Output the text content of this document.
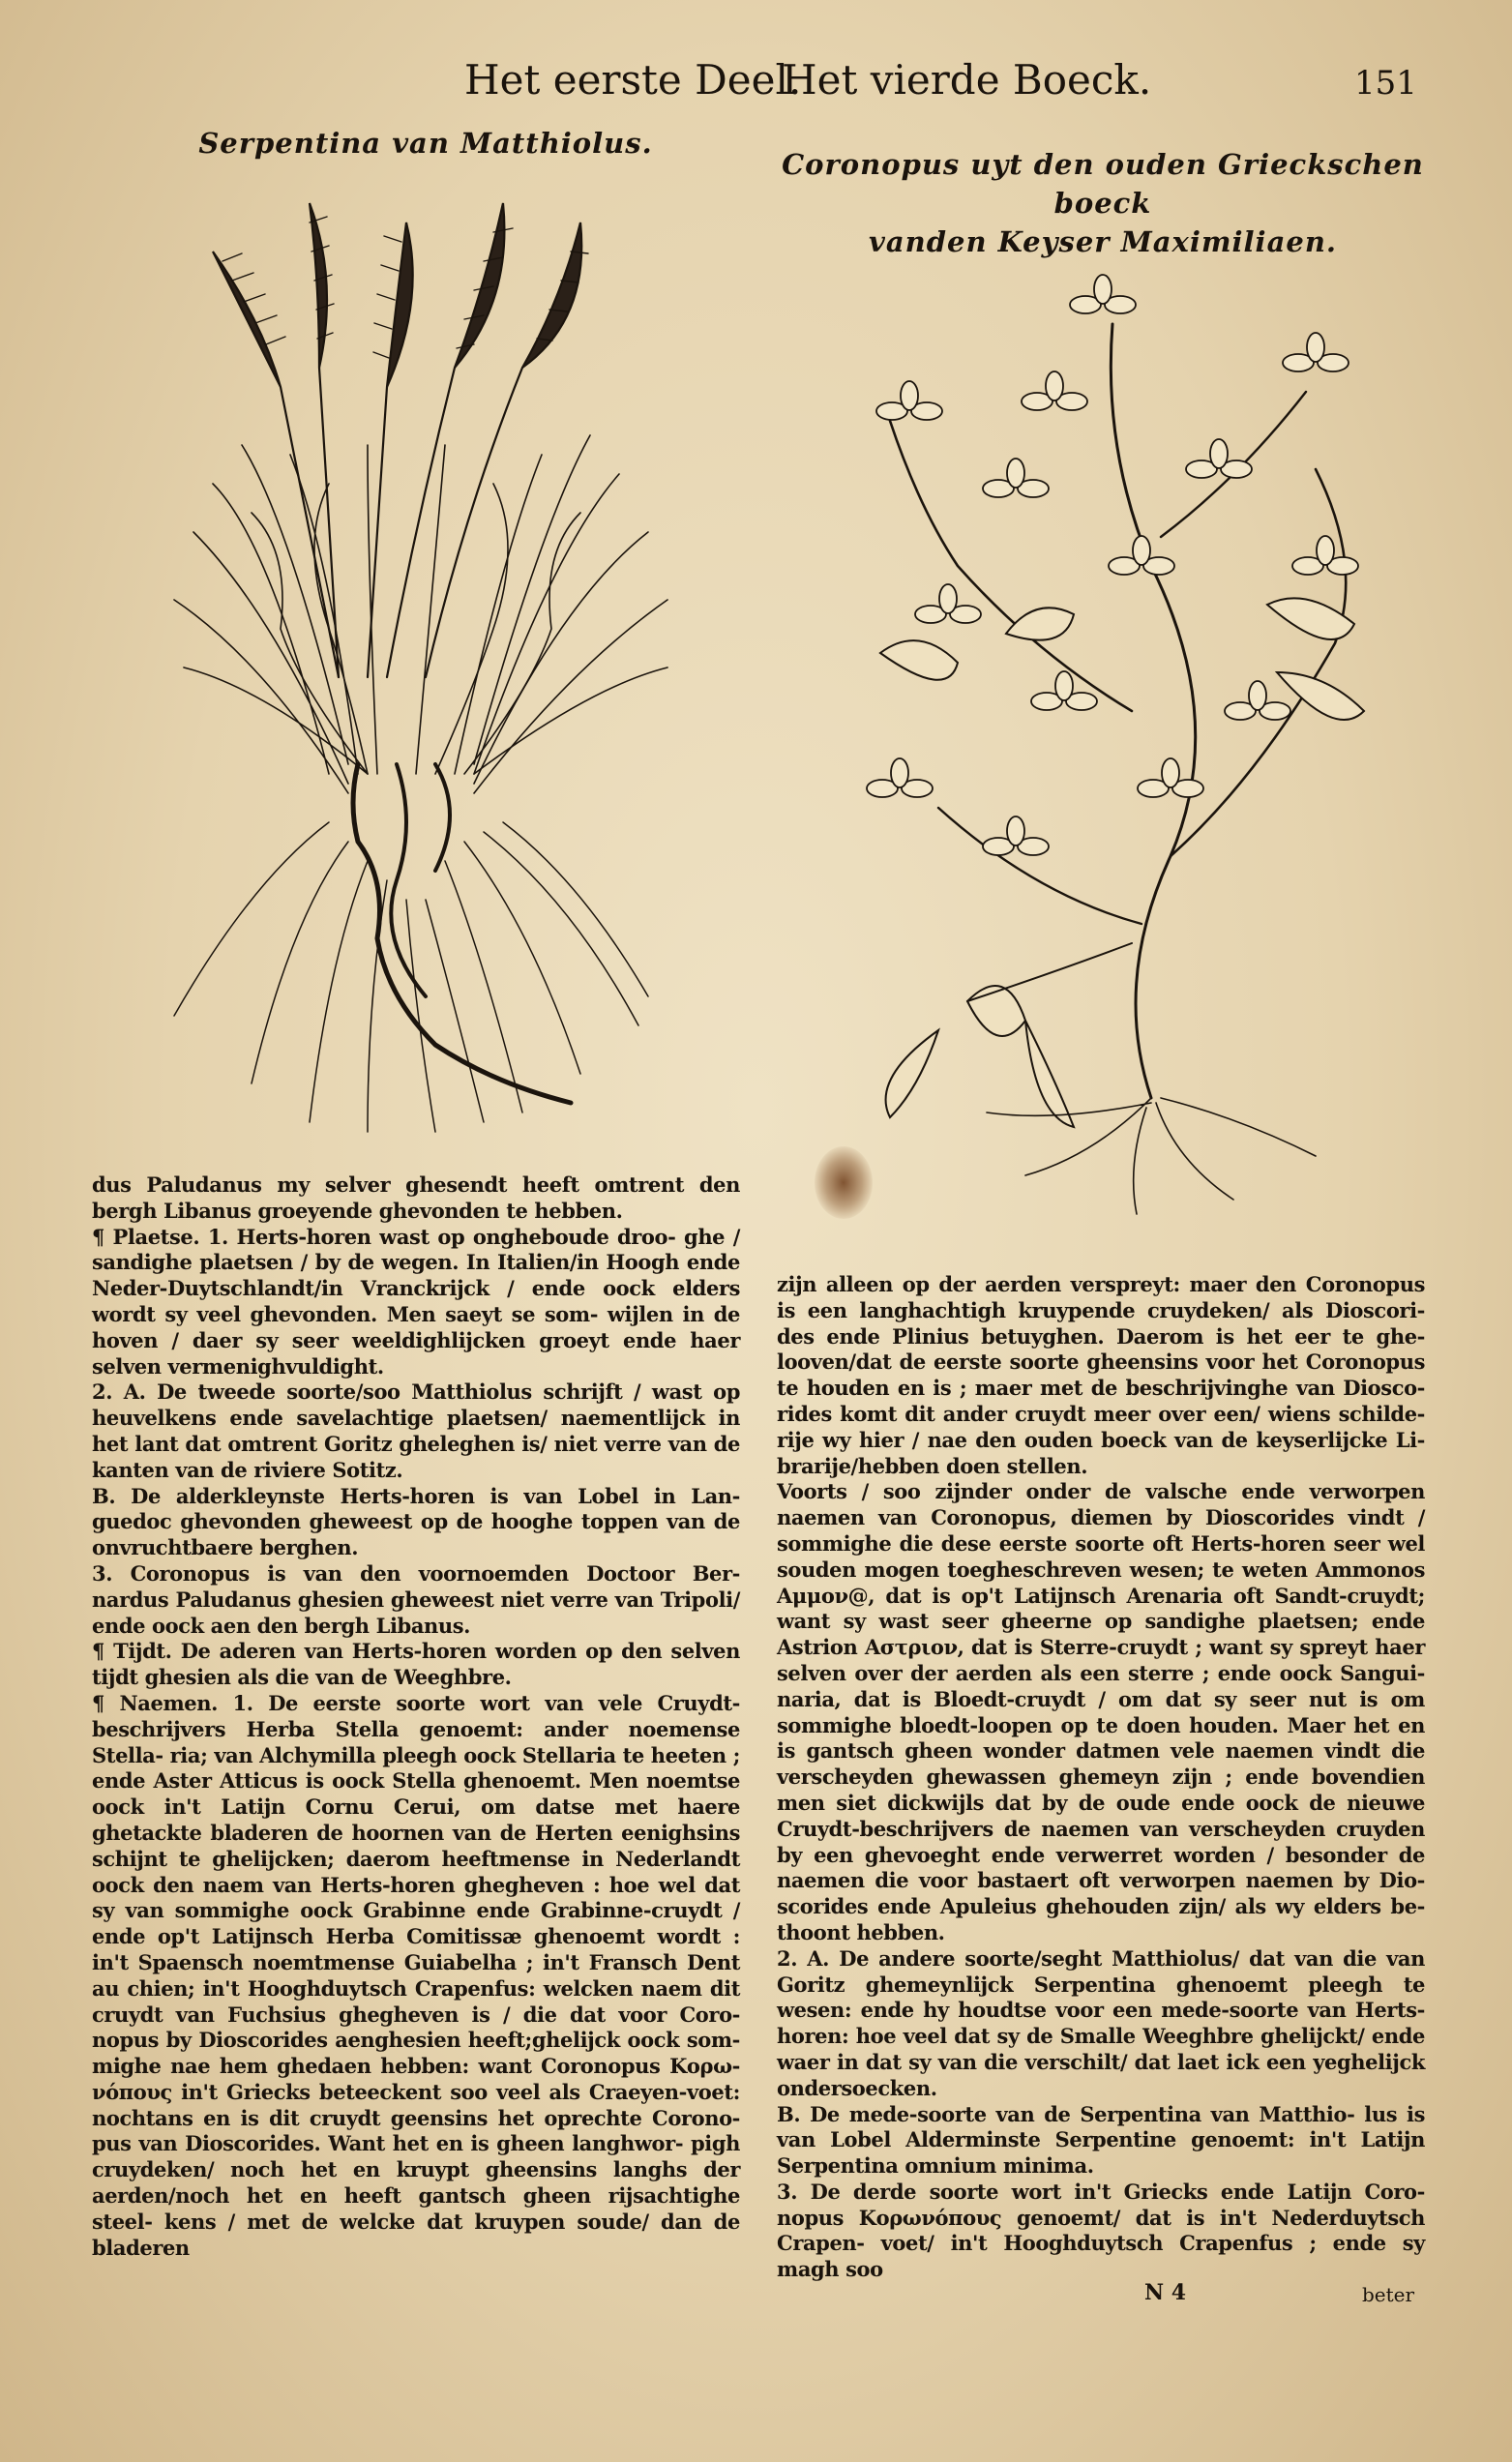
Het eerste Deel.
Het vierde Boeck.	151
Serpentina van Matthiolus.
Coronopus uyt den ouden Grieckschen boeck
vanden Keyser Maximiliaen.

dus Paludanus my selver ghesendt heeft omtrent den bergh Libanus groeyende ghevonden te hebben.

¶ Plaetse. 1. Herts-horen wast op ongheboude droo- ghe / sandighe plaetsen / by de wegen. In Italien/in Hoogh ende Neder-Duytschlandt/in Vranckrijck / ende oock elders wordt sy veel ghevonden. Men saeyt se som- wijlen in de hoven / daer sy seer weeldighlijcken groeyt ende haer selven vermenighvuldight.

2. A. De tweede soorte/soo Matthiolus schrijft / wast op heuvelkens ende savelachtige plaetsen/ naementlijck in het lant dat omtrent Goritz gheleghen is/ niet verre van de kanten van de riviere Sotitz.

B. De alderkleynste Herts-horen is van Lobel in Lan- guedoc ghevonden ghewеest op de hooghe toppen van de onvruchtbaere berghen.

3. Coronopus is van den voornoemden Doctoor Ber- nardus Paludanus ghesien gheweest niet verre van Tripoli/ ende oock aen den bergh Libanus.

¶ Tijdt. De aderen van Herts-horen worden op den selven tijdt ghesien als die van de Weeghbre.

¶ Naemen. 1. De eerste soorte wort van vele Cruydt- beschrijvers Herba Stella genoemt: ander noemense Stella- ria; van Alchymilla pleegh oock Stellaria te heeten ; ende Aster Atticus is oock Stella ghenoemt. Men noemtse oock in't Latijn Cornu Cerui, om datse met haere ghetackte bladeren de hoornen van de Herten eenighsins schijnt te ghelijcken; daerom heeftmense in Nederlandt oock den naem van Herts-horen ghegheven : hoe wel dat sy van sommighe oock Grabinne ende Grabinne-cruydt / ende op't Latijnsch Herba Comitissæ ghenoemt wordt : in't Spaensch noemtmense Guiabelha ; in't Fransch Dent au chien; in't Hooghduytsch Crapenfus: welcken naem dit cruydt van Fuchsius ghegheven is / die dat voor Coro- nopus by Dioscorides aenghesien heeft;ghelijck oock som- mighe nae hem ghedaen hebben: want Coronopus Κορω- νόπους in't Griecks beteeckent soo veel als Craeyen-voet: nochtans en is dit cruydt geensins het oprechte Corono- pus van Dioscorides. Want het en is gheen langhwor- pigh cruydeken/ noch het en kruypt gheensins langhs der aerden/noch het en heeft gantsch gheen rijsachtighe steel- kens / met de welcke dat kruypen soude/ dan de bladeren

zijn alleen op der aerden verspreyt: maer den Coronopus is een langhachtigh kruypende cruydeken/ als Dioscori- des ende Plinius betuyghen. Daerom is het eer te ghe- looven/dat de eerste soorte gheensins voor het Coronopus te houden en is ; maer met de beschrijvinghe van Diosco- rides komt dit ander cruydt meer over een/ wiens schilde- rije wy hier / nae den ouden boeck van de keyserlijcke Li- brarije/hebben doen stellen.

Voorts / soo zijnder onder de valsche ende verworpen naemen van Coronopus, diemen by Dioscorides vindt / sommighe die dese eerste soorte oft Herts-horen seer wel souden mogen toegheschreven wesen; te weten Ammonos Αμμον@, dat is op't Latijnsch Arenaria oft Sandt-cruydt; want sy wast seer gheerne op sandighe plaetsen; ende Astrion Αστριον, dat is Sterre-cruydt ; want sy spreyt haer selven over der aerden als een sterre ; ende oock Sangui- naria, dat is Bloedt-cruydt / om dat sy seer nut is om sommighe bloedt-loopen op te doen houden. Maer het en is gantsch gheen wonder datmen vele naemen vindt die verscheyden ghewassen ghemeyn zijn ; ende bovendien men siet dickwijls dat by de oude ende oock de nieuwe Cruydt-beschrijvers de naemen van verscheyden cruyden by een ghevoeght ende verwerret worden / besonder de naemen die voor bastaert oft verworpen naemen by Dio- scorides ende Apuleius ghehouden zijn/ als wy elders be- thoont hebben.

2. A. De andere soorte/seght Matthiolus/ dat van die van Goritz ghemeynlijck Serpentina ghenoemt pleegh te wesen: ende hy houdtse voor een mede-soorte van Herts- horen: hoe veel dat sy de Smalle Weeghbre ghelijckt/ ende waer in dat sy van die verschilt/ dat laet ick een yeghelijck ondersoecken.

B. De mede-soorte van de Serpentina van Matthio- lus is van Lobel Alderminste Serpentine genoemt: in't Latijn Serpentina omnium minima.

3. De derde soorte wort in't Griecks ende Latijn Coro- nopus Κορωνόπους genoemt/ dat is in't Nederduytsch Crapen- voet/ in't Hooghduytsch Crapenfus ; ende sy magh soo

N 4	beter
